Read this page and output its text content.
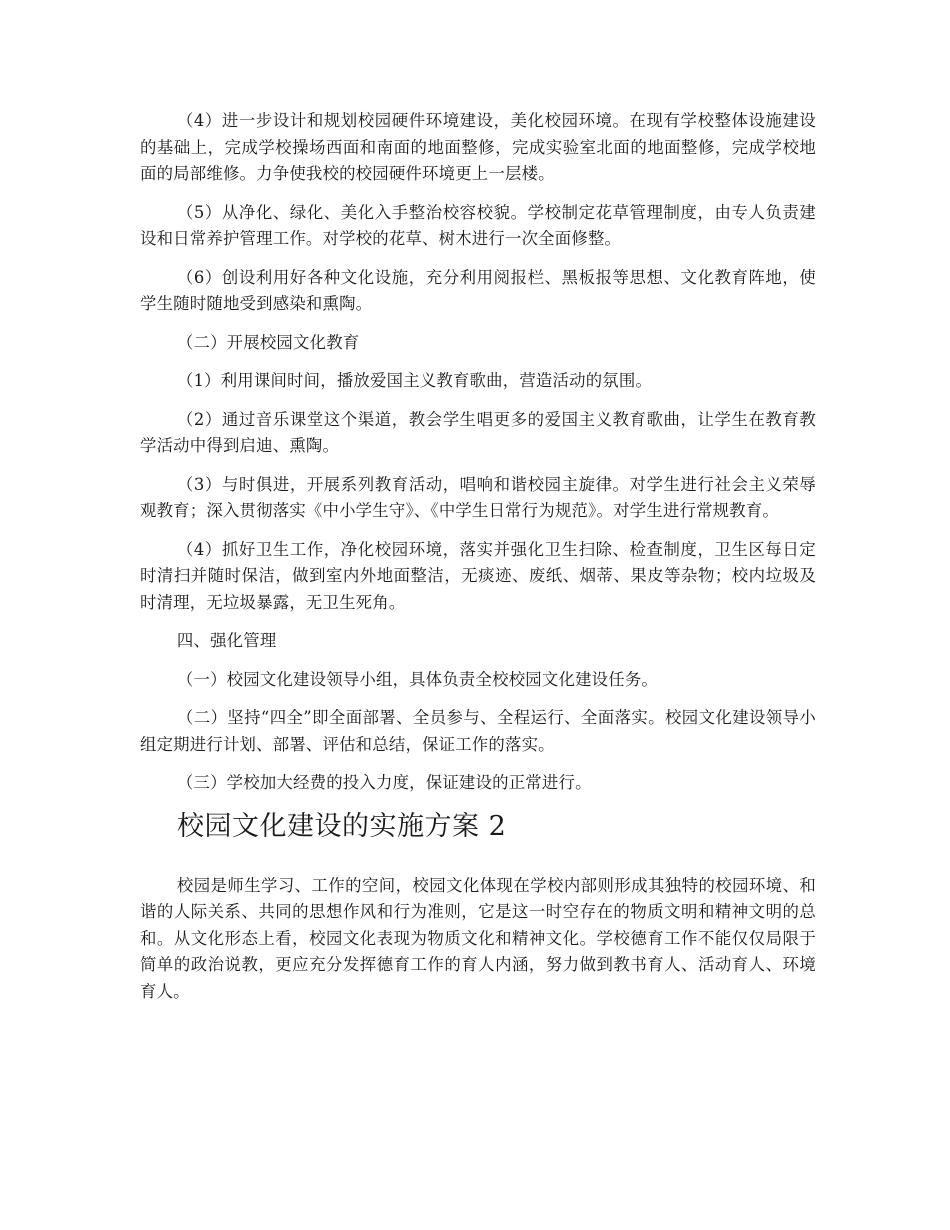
（4）进一步设计和规划校园硬件环境建设，美化校园环境。在现有学校整体设施建设的基础上，完成学校操场西面和南面的地面整修，完成实验室北面的地面整修，完成学校地面的局部维修。力争使我校的校园硬件环境更上一层楼。

（5）从净化、绿化、美化入手整治校容校貌。学校制定花草管理制度，由专人负责建设和日常养护管理工作。对学校的花草、树木进行一次全面修整。

（6）创设利用好各种文化设施，充分利用阅报栏、黑板报等思想、文化教育阵地，使学生随时随地受到感染和熏陶。

（二）开展校园文化教育

（1）利用课间时间，播放爱国主义教育歌曲，营造活动的氛围。

（2）通过音乐课堂这个渠道，教会学生唱更多的爱国主义教育歌曲，让学生在教育教学活动中得到启迪、熏陶。

（3）与时俱进，开展系列教育活动，唱响和谐校园主旋律。对学生进行社会主义荣辱观教育；深入贯彻落实《中小学生守》、《中学生日常行为规范》。对学生进行常规教育。

（4）抓好卫生工作，净化校园环境，落实并强化卫生扫除、检查制度，卫生区每日定时清扫并随时保洁，做到室内外地面整洁，无痰迹、废纸、烟蒂、果皮等杂物；校内垃圾及时清理，无垃圾暴露，无卫生死角。

四、强化管理

（一）校园文化建设领导小组，具体负责全校校园文化建设任务。

（二）坚持“四全”即全面部署、全员参与、全程运行、全面落实。校园文化建设领导小组定期进行计划、部署、评估和总结，保证工作的落实。

（三）学校加大经费的投入力度，保证建设的正常进行。

校园文化建设的实施方案 2

校园是师生学习、工作的空间，校园文化体现在学校内部则形成其独特的校园环境、和谐的人际关系、共同的思想作风和行为准则，它是这一时空存在的物质文明和精神文明的总和。从文化形态上看，校园文化表现为物质文化和精神文化。学校德育工作不能仅仅局限于简单的政治说教，更应充分发挥德育工作的育人内涵，努力做到教书育人、活动育人、环境育人。
